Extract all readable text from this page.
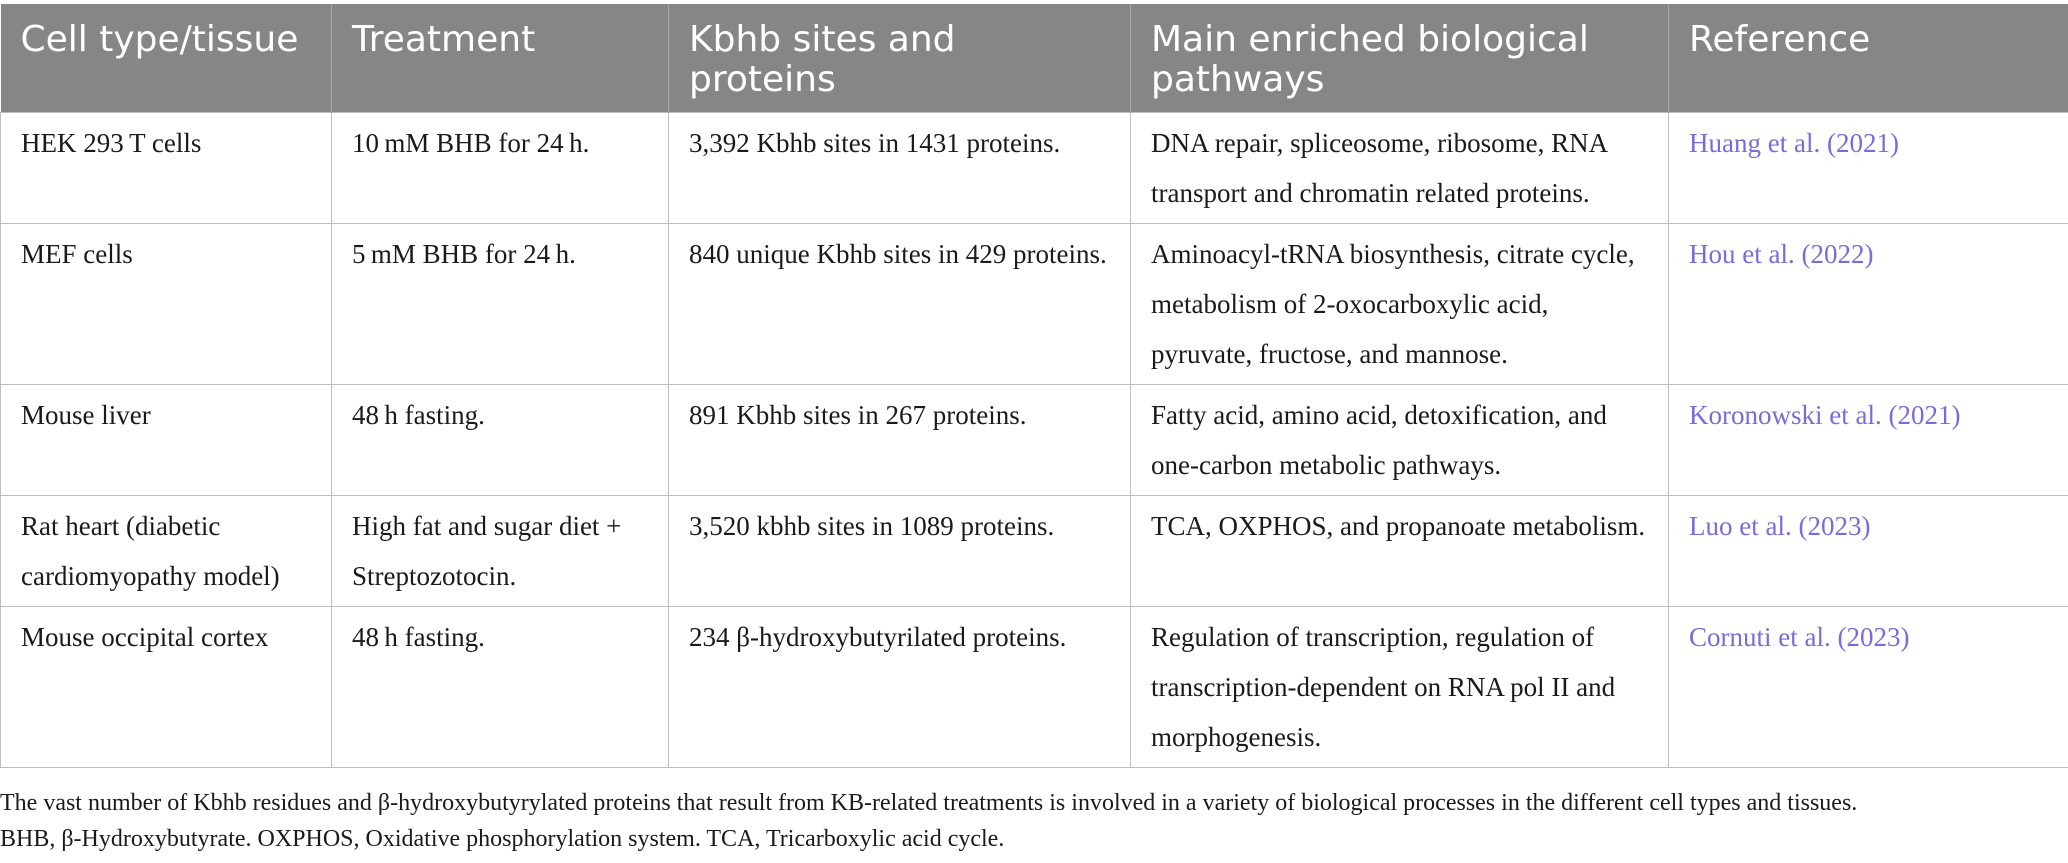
Cell type/tissue	Treatment	Kbhb sites and proteins	Main enriched biological pathways	Reference
HEK 293 T cells	10 mM BHB for 24 h.	3,392 Kbhb sites in 1431 proteins.	DNA repair, spliceosome, ribosome, RNA transport and chromatin related proteins.	Huang et al. (2021)
MEF cells	5 mM BHB for 24 h.	840 unique Kbhb sites in 429 proteins.	Aminoacyl-tRNA biosynthesis, citrate cycle, metabolism of 2-oxocarboxylic acid, pyruvate, fructose, and mannose.	Hou et al. (2022)
Mouse liver	48 h fasting.	891 Kbhb sites in 267 proteins.	Fatty acid, amino acid, detoxification, and one-carbon metabolic pathways.	Koronowski et al. (2021)
Rat heart (diabetic cardiomyopathy model)	High fat and sugar diet + Streptozotocin.	3,520 kbhb sites in 1089 proteins.	TCA, OXPHOS, and propanoate metabolism.	Luo et al. (2023)
Mouse occipital cortex	48 h fasting.	234 β-hydroxybutyrilated proteins.	Regulation of transcription, regulation of transcription-dependent on RNA pol II and morphogenesis.	Cornuti et al. (2023)

The vast number of Kbhb residues and β-hydroxybutyrylated proteins that result from KB-related treatments is involved in a variety of biological processes in the different cell types and tissues.

BHB, β-Hydroxybutyrate. OXPHOS, Oxidative phosphorylation system. TCA, Tricarboxylic acid cycle.
